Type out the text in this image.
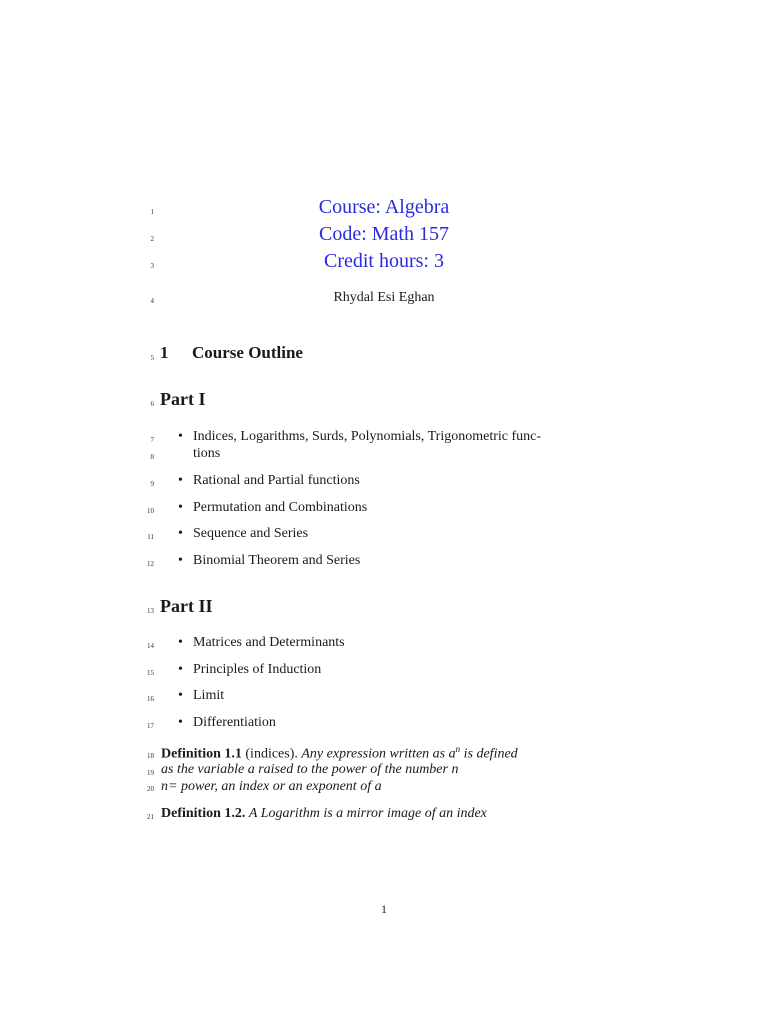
1
2
3
4
5
6
7
8
9
10
11
12
13
14
15
16
17
18
19
20
21
Course: Algebra
Code: Math 157
Credit hours: 3
Rhydal Esi Eghan
1 Course Outline
Part I
• Indices, Logarithms, Surds, Polynomials, Trigonometric func-
tions
• Rational and Partial functions
• Permutation and Combinations
• Sequence and Series
• Binomial Theorem and Series
Part II
• Matrices and Determinants
• Principles of Induction
• Limit
• Differentiation
Definition 1.1 (indices). Any expression written as $a^n$ is defined
as the variable a raised to the power of the number n
n= power, an index or an exponent of a
Definition 1.2. A Logarithm is a mirror image of an index
1
